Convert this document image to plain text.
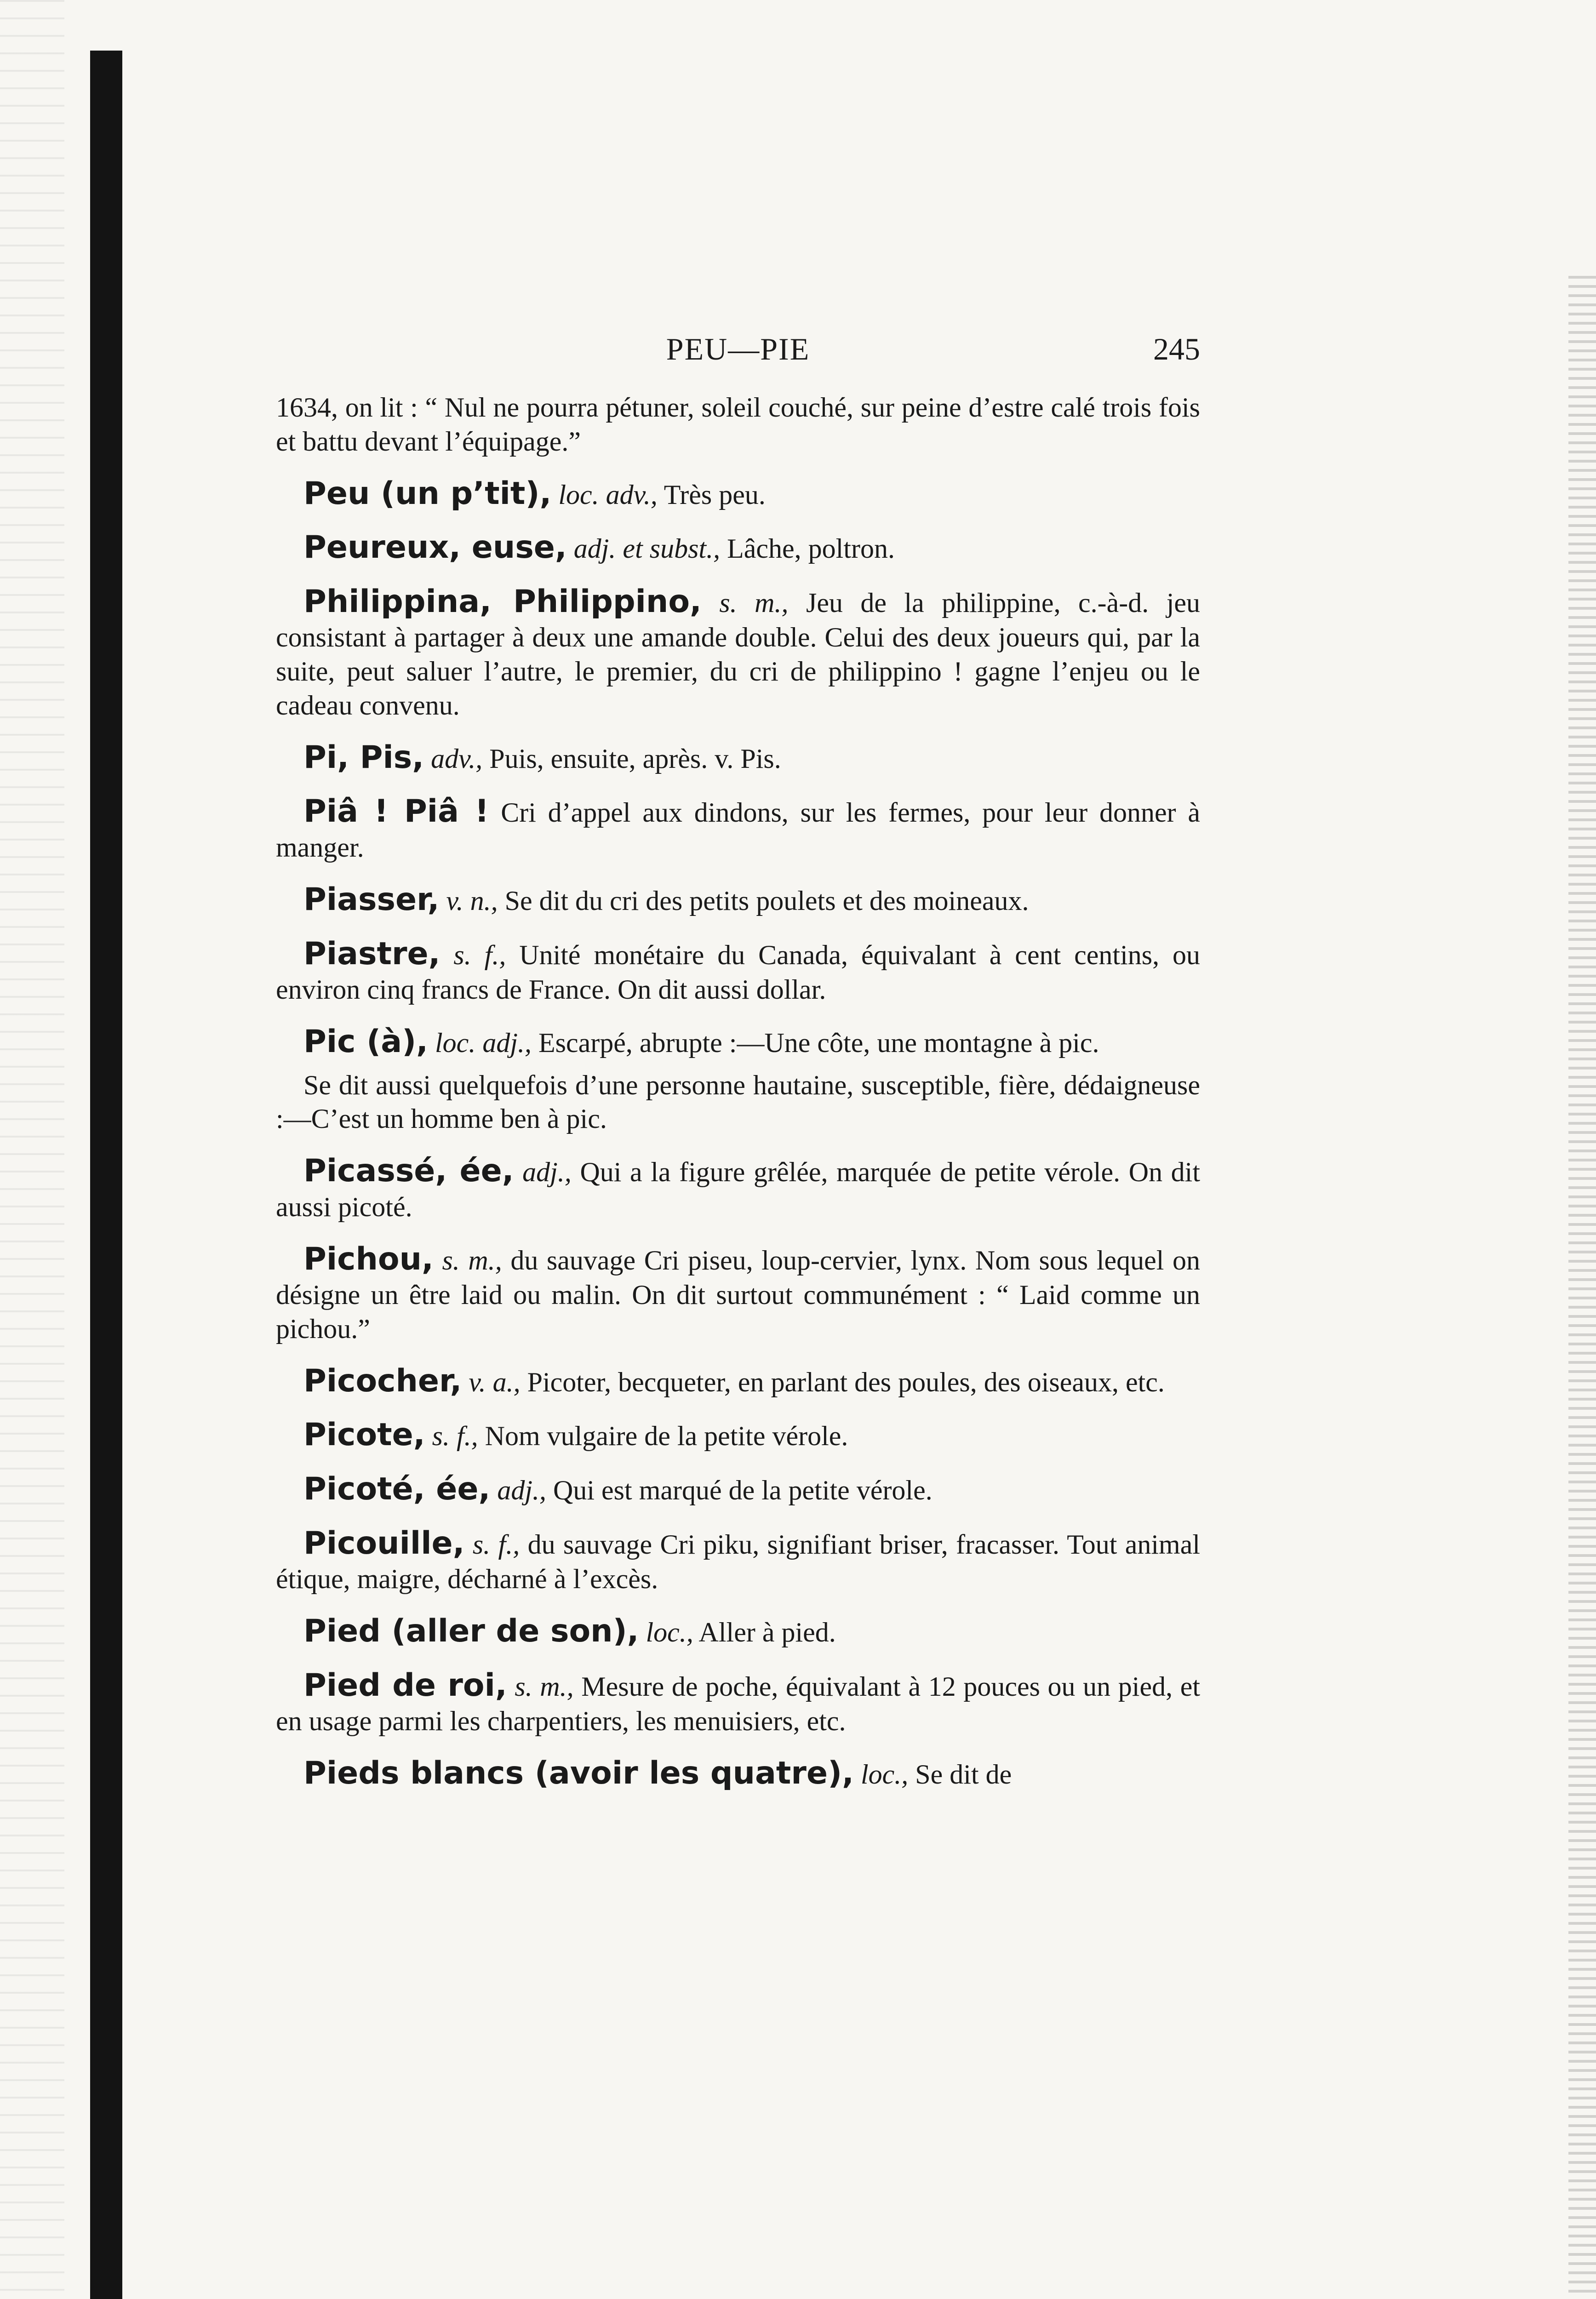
PEU—PIE	245

1634, on lit : “ Nul ne pourra pétuner, soleil couché, sur peine d’estre calé trois fois et battu devant l’équipage.”

Peu (un p’tit), loc. adv., Très peu.

Peureux, euse, adj. et subst., Lâche, poltron.

Philippina, Philippino, s. m., Jeu de la philippine, c.-à-d. jeu consistant à partager à deux une amande double. Celui des deux joueurs qui, par la suite, peut saluer l’autre, le premier, du cri de philippino ! gagne l’enjeu ou le cadeau convenu.

Pi, Pis, adv., Puis, ensuite, après. v. Pis.

Piâ ! Piâ ! Cri d’appel aux dindons, sur les fermes, pour leur donner à manger.

Piasser, v. n., Se dit du cri des petits poulets et des moineaux.

Piastre, s. f., Unité monétaire du Canada, équivalant à cent centins, ou environ cinq francs de France. On dit aussi dollar.

Pic (à), loc. adj., Escarpé, abrupte :—Une côte, une montagne à pic.

Se dit aussi quelquefois d’une personne hautaine, susceptible, fière, dédaigneuse :—C’est un homme ben à pic.

Picassé, ée, adj., Qui a la figure grêlée, marquée de petite vérole. On dit aussi picoté.

Pichou, s. m., du sauvage Cri piseu, loup-cervier, lynx. Nom sous lequel on désigne un être laid ou malin. On dit surtout communément : “ Laid comme un pichou.”

Picocher, v. a., Picoter, becqueter, en parlant des poules, des oiseaux, etc.

Picote, s. f., Nom vulgaire de la petite vérole.

Picoté, ée, adj., Qui est marqué de la petite vérole.

Picouille, s. f., du sauvage Cri piku, signifiant briser, fracasser. Tout animal étique, maigre, décharné à l’excès.

Pied (aller de son), loc., Aller à pied.

Pied de roi, s. m., Mesure de poche, équivalant à 12 pouces ou un pied, et en usage parmi les charpentiers, les menuisiers, etc.

Pieds blancs (avoir les quatre), loc., Se dit de
